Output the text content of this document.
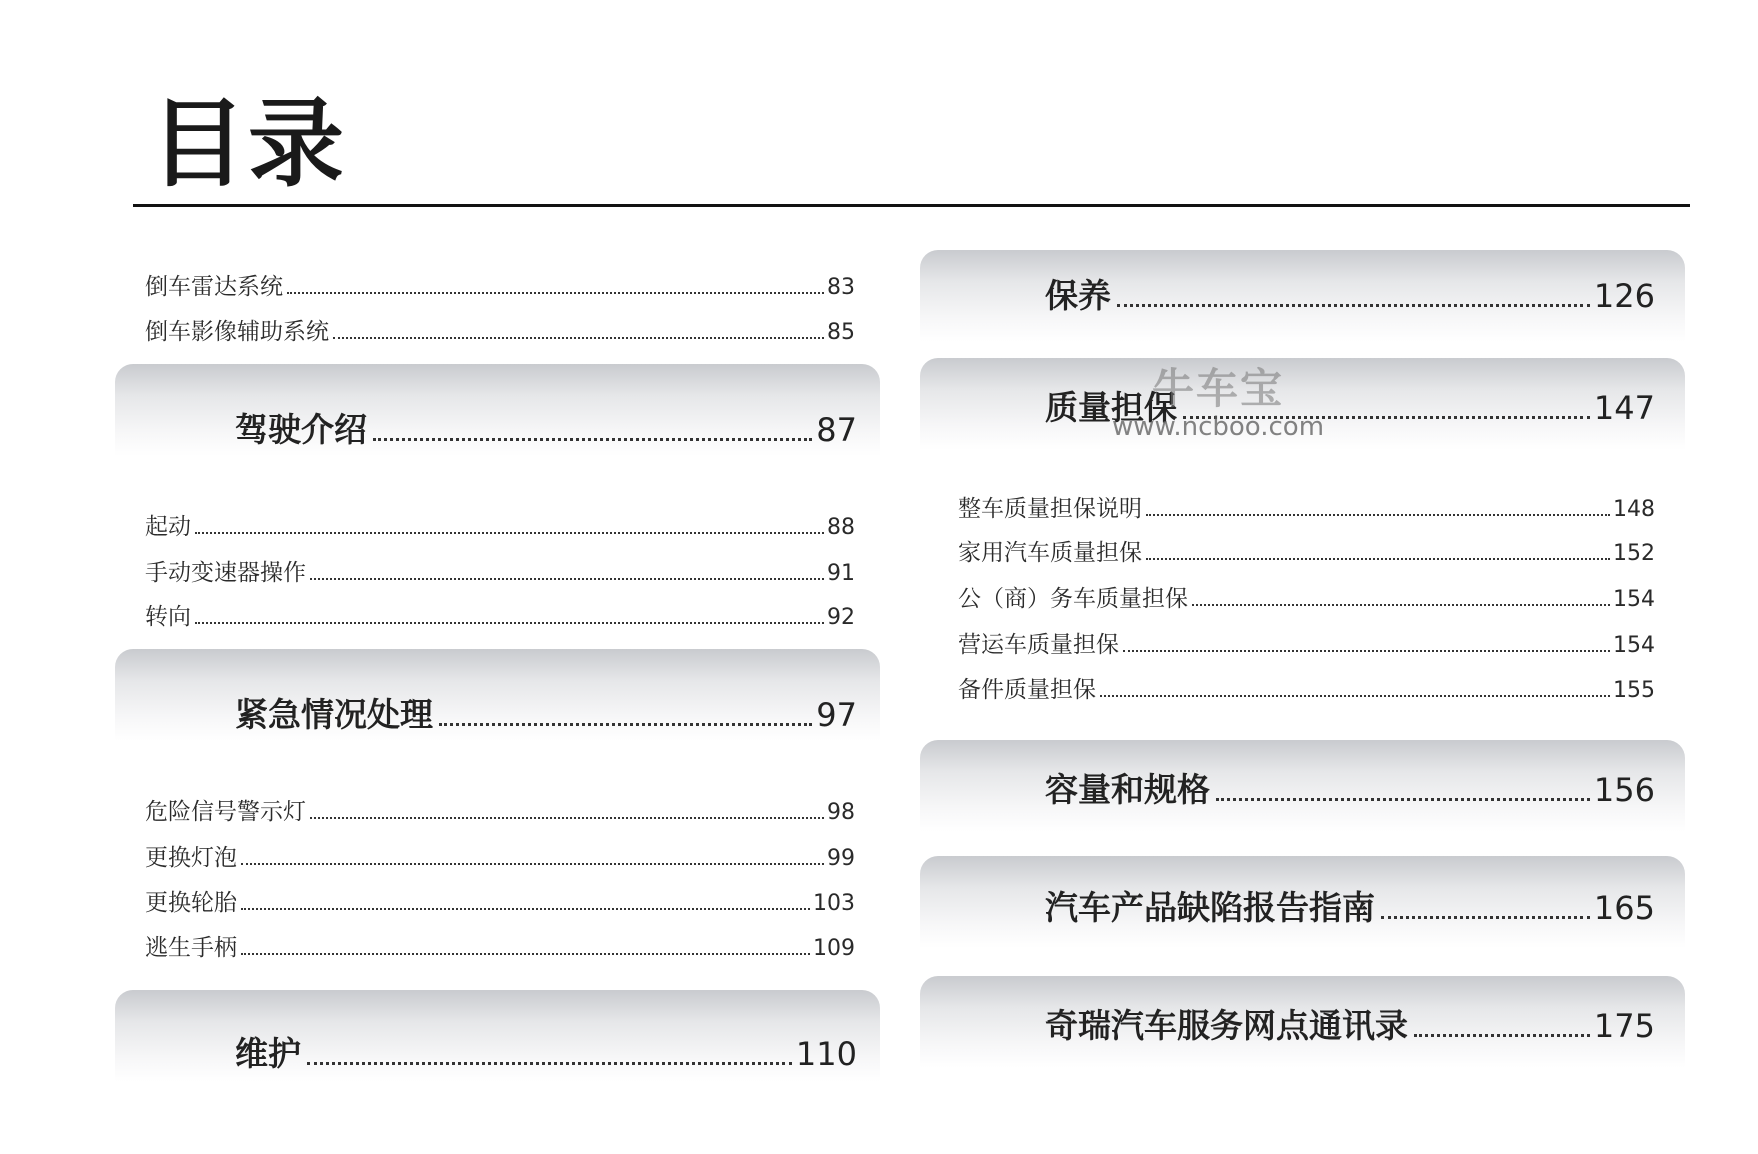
目录
倒车雷达系统	83
倒车影像辅助系统	85
驾驶介绍	87
起动	88
手动变速器操作	91
转向	92
紧急情况处理	97
危险信号警示灯	98
更换灯泡	99
更换轮胎	103
逃生手柄	109
维护	110
保养	126
质量担保	147
整车质量担保说明	148
家用汽车质量担保	152
公（商）务车质量担保	154
营运车质量担保	154
备件质量担保	155
容量和规格	156
汽车产品缺陷报告指南	165
奇瑞汽车服务网点通讯录	175
牛车宝
www.ncboo.com
